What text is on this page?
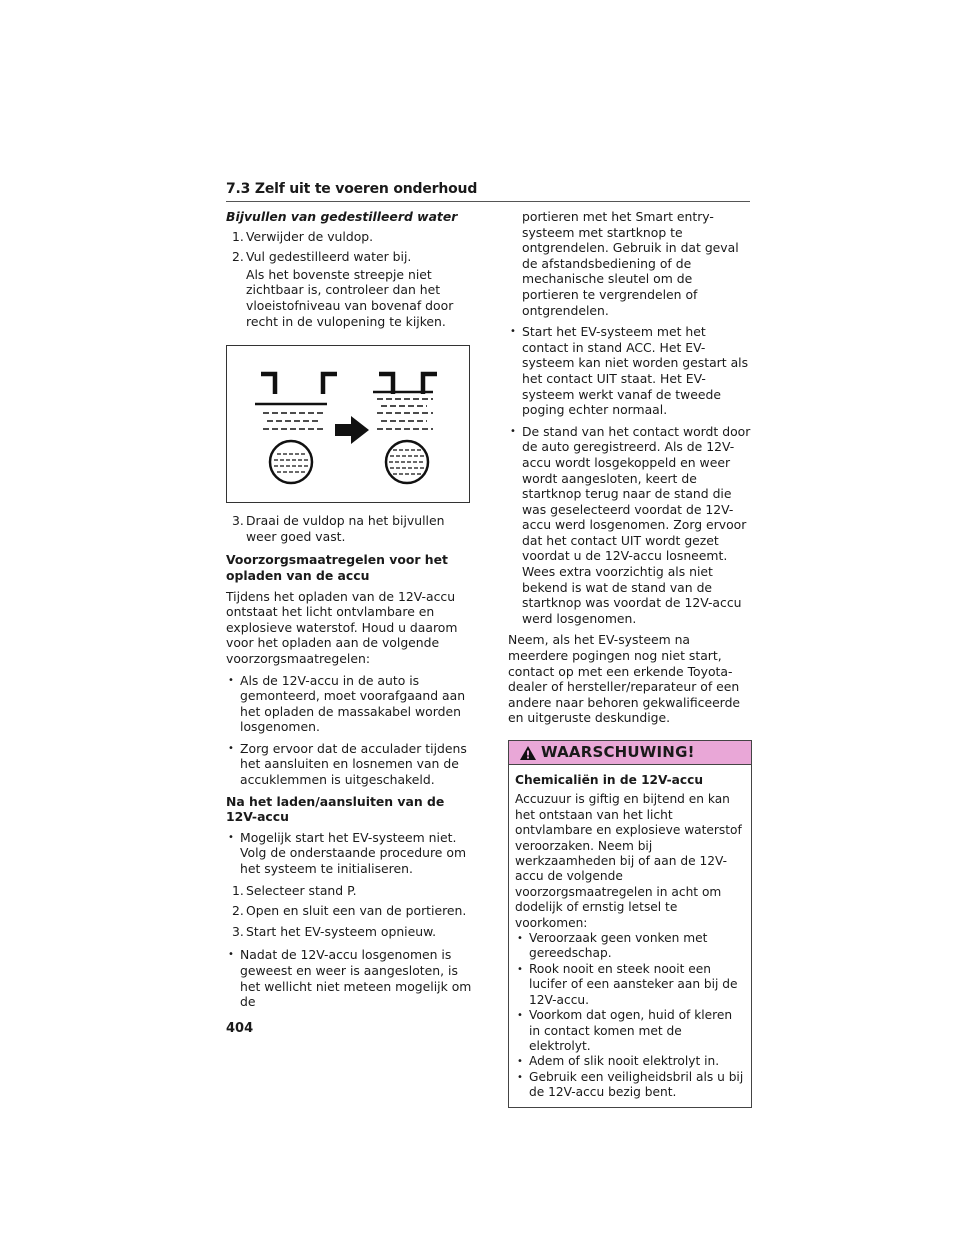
7.3 Zelf uit te voeren onderhoud
Bijvullen van gedestilleerd water
1. Verwijder de vuldop.
2. Vul gedestilleerd water bij.
Als het bovenste streepje niet zichtbaar is, controleer dan het vloeistofniveau van bovenaf door recht in de vulopening te kijken.
3. Draai de vuldop na het bijvullen weer goed vast.
Voorzorgsmaatregelen voor het opladen van de accu

Tijdens het opladen van de 12V-accu ontstaat het licht ontvlambare en explosieve waterstof. Houd u daarom voor het opladen aan de volgende voorzorgsmaatregelen:

• Als de 12V-accu in de auto is gemonteerd, moet voorafgaand aan het opladen de massakabel worden losgenomen.
• Zorg ervoor dat de acculader tijdens het aansluiten en losnemen van de accuklemmen is uitgeschakeld.
Na het laden/aansluiten van de 12V-accu
• Mogelijk start het EV-systeem niet. Volg de onderstaande procedure om het systeem te initialiseren.
1. Selecteer stand P.
2. Open en sluit een van de portieren.
3. Start het EV-systeem opnieuw.
• Nadat de 12V-accu losgenomen is geweest en weer is aangesloten, is het wellicht niet meteen mogelijk om de

portieren met het Smart entry-systeem met startknop te ontgrendelen. Gebruik in dat geval de afstandsbediening of de mechanische sleutel om de portieren te vergrendelen of ontgrendelen.

• Start het EV-systeem met het contact in stand ACC. Het EV-systeem kan niet worden gestart als het contact UIT staat. Het EV-systeem werkt vanaf de tweede poging echter normaal.
• De stand van het contact wordt door de auto geregistreerd. Als de 12V-accu wordt losgekoppeld en weer wordt aangesloten, keert de startknop terug naar de stand die was geselecteerd voordat de 12V-accu werd losgenomen. Zorg ervoor dat het contact UIT wordt gezet voordat u de 12V-accu losneemt. Wees extra voorzichtig als niet bekend is wat de stand van de startknop was voordat de 12V-accu werd losgenomen.

Neem, als het EV-systeem na meerdere pogingen nog niet start, contact op met een erkende Toyota-dealer of hersteller/reparateur of een andere naar behoren gekwalificeerde en uitgeruste deskundige.

WAARSCHUWING!
Chemicaliën in de 12V-accu

Accuzuur is giftig en bijtend en kan het ontstaan van het licht ontvlambare en explosieve waterstof veroorzaken. Neem bij werkzaamheden bij of aan de 12V-accu de volgende voorzorgsmaatregelen in acht om dodelijk of ernstig letsel te voorkomen:

• Veroorzaak geen vonken met gereedschap.
• Rook nooit en steek nooit een lucifer of een aansteker aan bij de 12V-accu.
• Voorkom dat ogen, huid of kleren in contact komen met de elektrolyt.
• Adem of slik nooit elektrolyt in.
• Gebruik een veiligheidsbril als u bij de 12V-accu bezig bent.
404
